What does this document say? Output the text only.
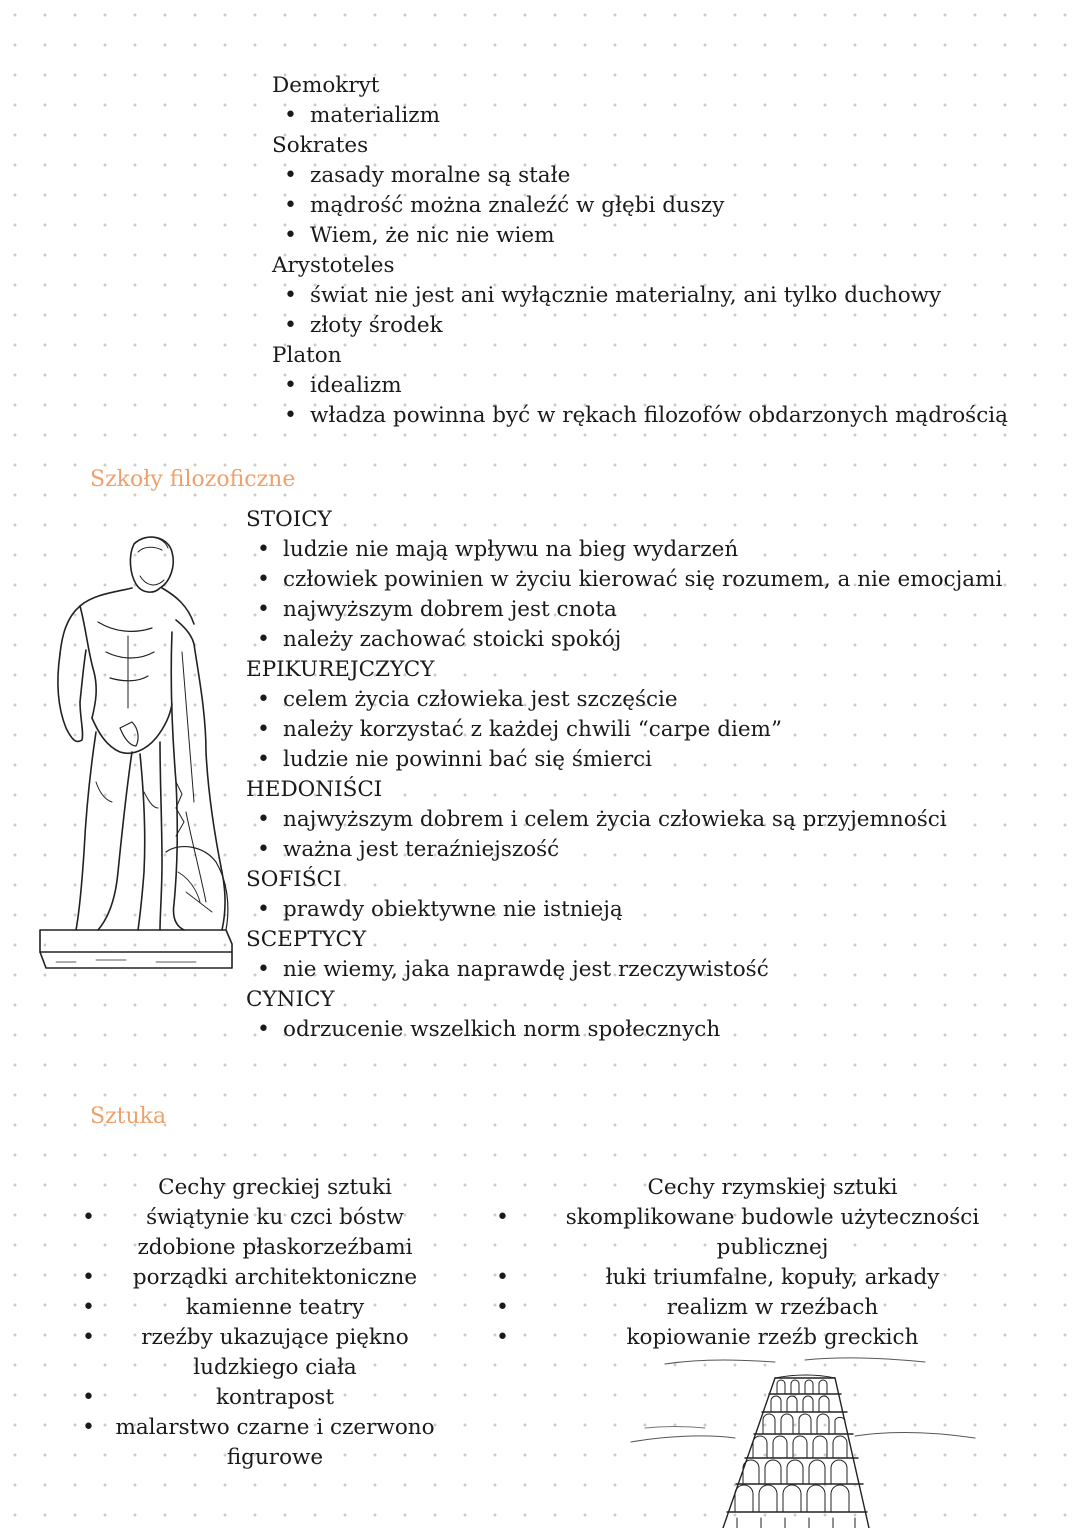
Demokryt
• materializm
Sokrates
• zasady moralne są stałe
• mądrość można znaleźć w głębi duszy
• Wiem, że nic nie wiem
Arystoteles
• świat nie jest ani wyłącznie materialny, ani tylko duchowy
• złoty środek
Platon
• idealizm
• władza powinna być w rękach filozofów obdarzonych mądrością
Szkoły filozoficzne
STOICY
• ludzie nie mają wpływu na bieg wydarzeń
• człowiek powinien w życiu kierować się rozumem, a nie emocjami
• najwyższym dobrem jest cnota
• należy zachować stoicki spokój
EPIKUREJCZYCY
• celem życia człowieka jest szczęście
• należy korzystać z każdej chwili “carpe diem”
• ludzie nie powinni bać się śmierci
HEDONIŚCI
• najwyższym dobrem i celem życia człowieka są przyjemności
• ważna jest teraźniejszość
SOFIŚCI
• prawdy obiektywne nie istnieją
SCEPTYCY
• nie wiemy, jaka naprawdę jest rzeczywistość
CYNICY
• odrzucenie wszelkich norm społecznych
Sztuka
Cechy greckiej sztuki
•	świątynie ku czci bóstw
zdobione płaskorzeźbami
•	porządki architektoniczne
•	kamienne teatry
•	rzeźby ukazujące piękno
ludzkiego ciała
•	kontrapost
• malarstwo czarne i czerwono
figurowe
Cechy rzymskiej sztuki
•	skomplikowane budowle użyteczności
publicznej
•	łuki triumfalne, kopuły, arkady
•	realizm w rzeźbach
•	kopiowanie rzeźb greckich
